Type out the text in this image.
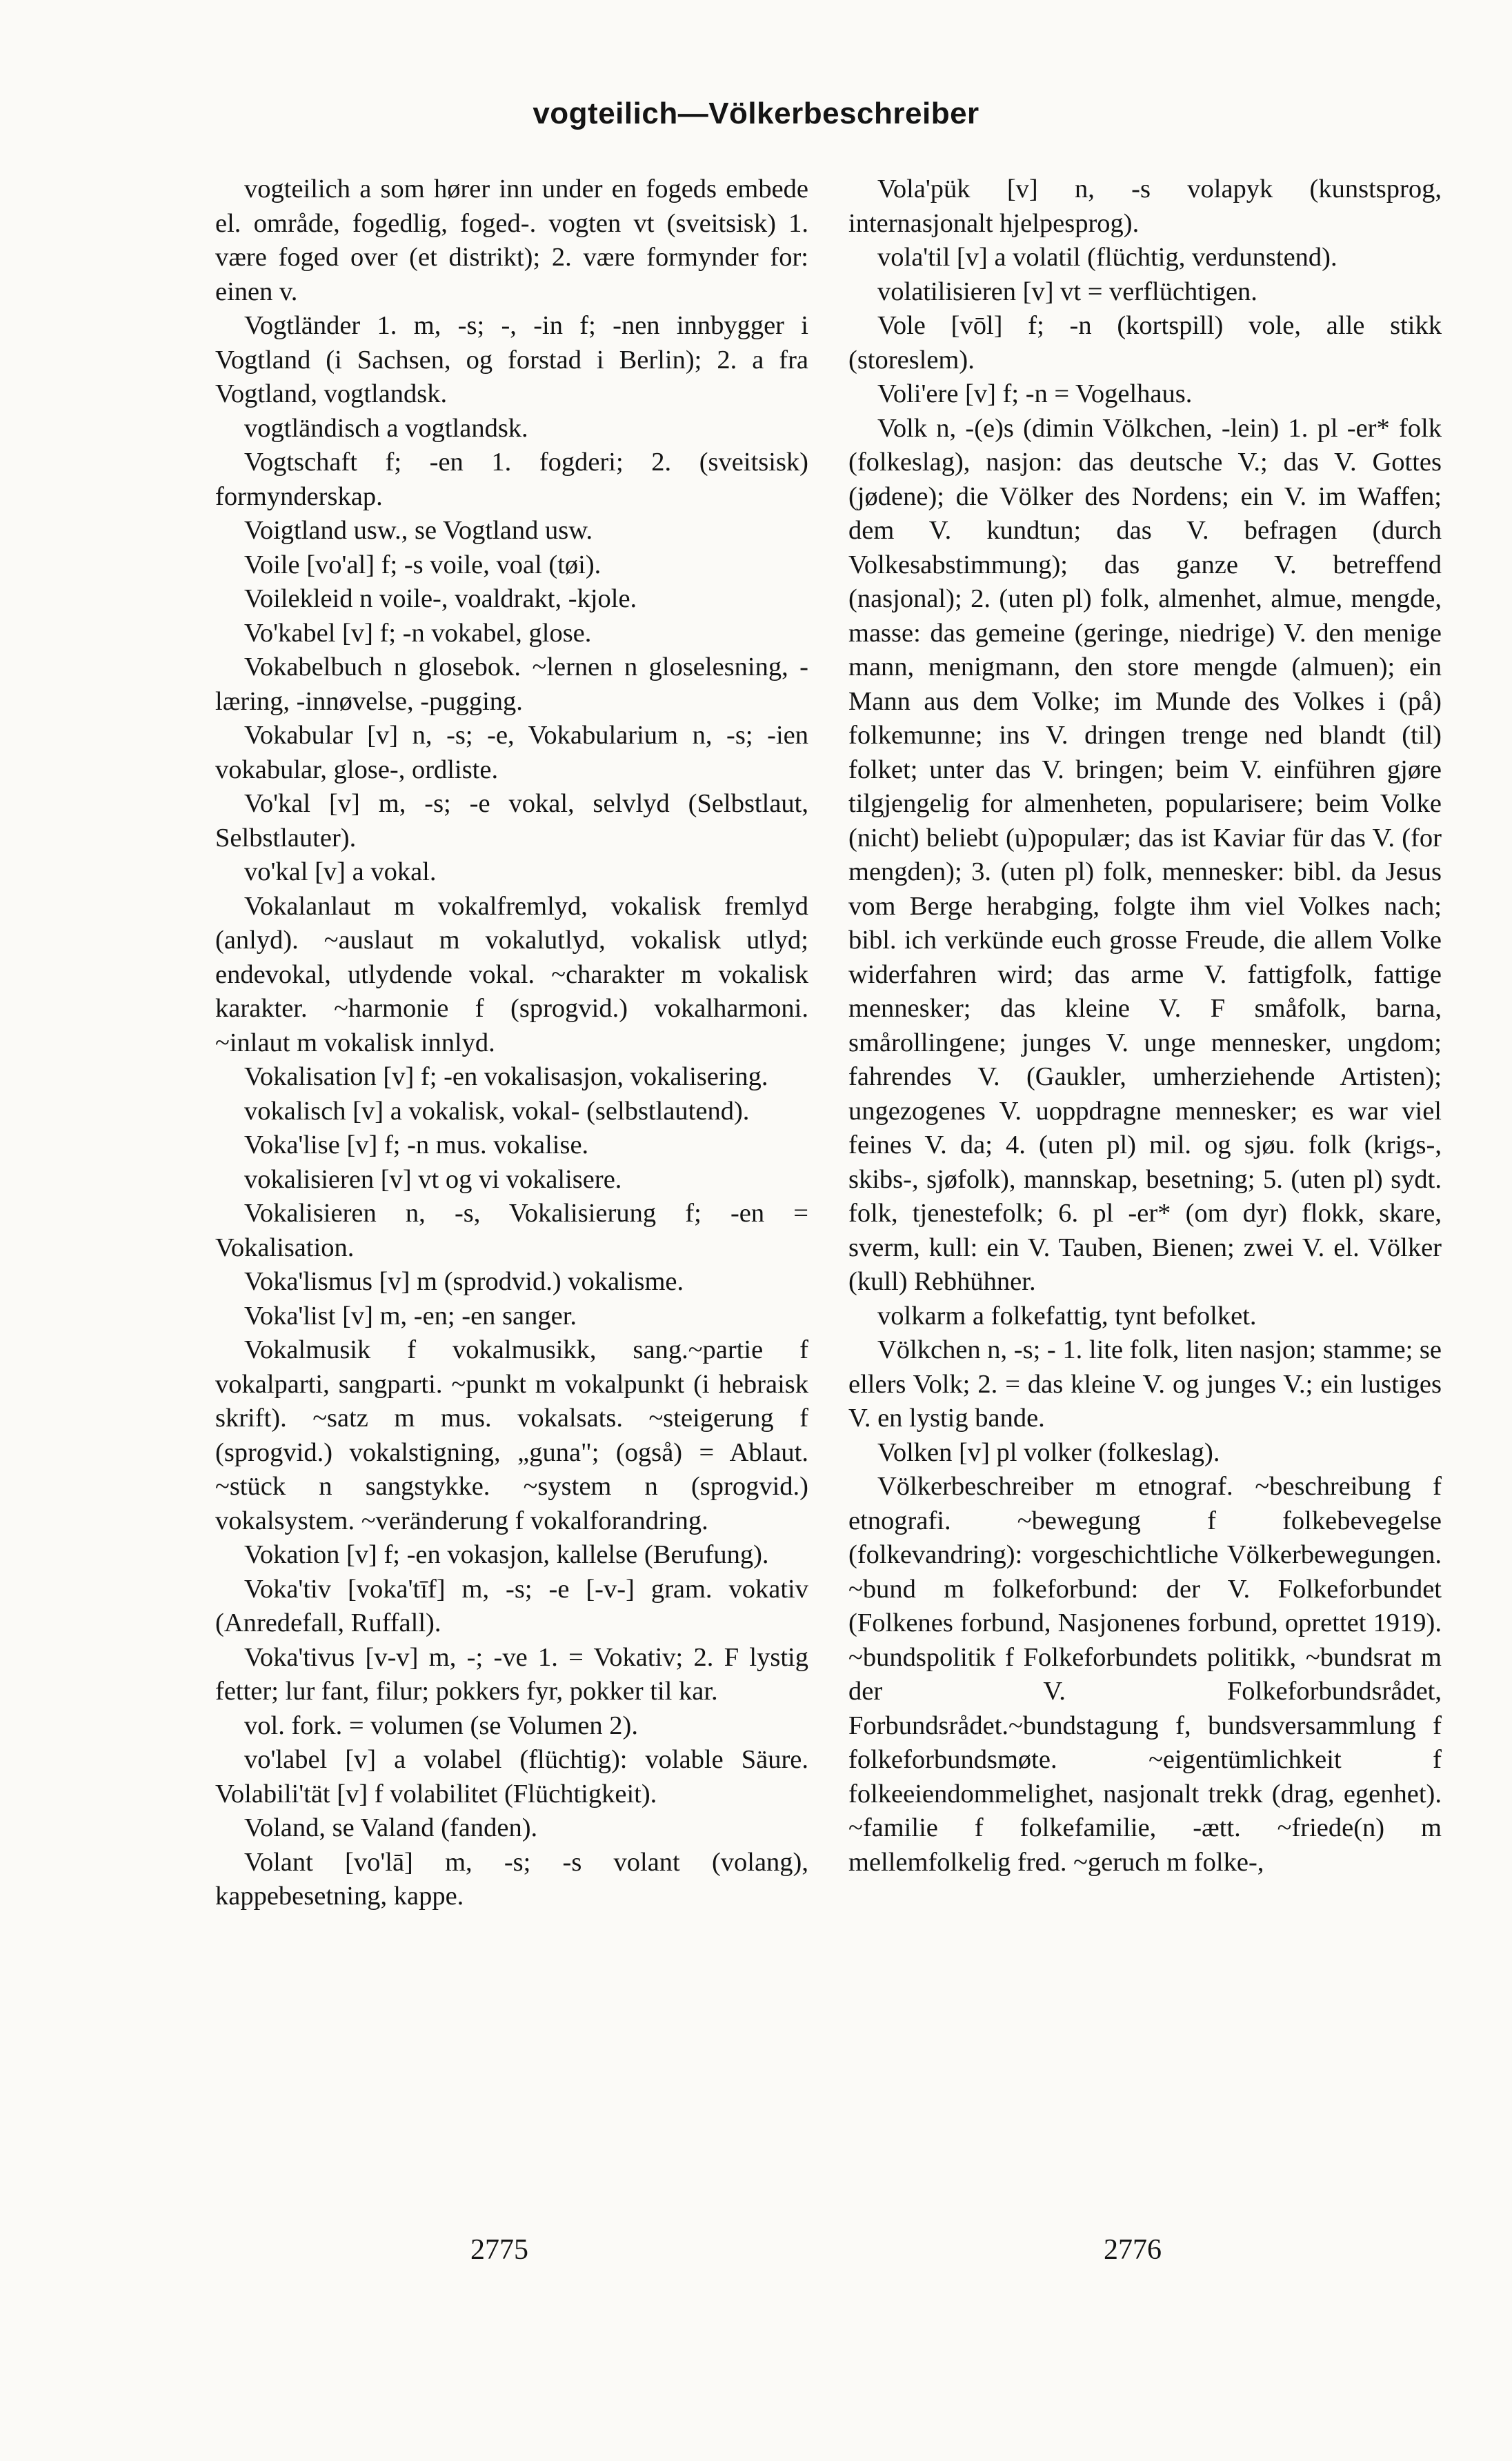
vogteilich—Völkerbeschreiber

vogteilich a som hører inn under en fogeds embede el. område, fogedlig, foged-. vogten vt (sveitsisk) 1. være foged over (et distrikt); 2. være formynder for: einen v.

Vogtländer 1. m, -s; -, -in f; -nen innbygger i Vogtland (i Sachsen, og forstad i Berlin); 2. a fra Vogtland, vogtlandsk.

vogtländisch a vogtlandsk.

Vogtschaft f; -en 1. fogderi; 2. (sveitsisk) formynderskap.

Voigtland usw., se Vogtland usw.

Voile [vo'al] f; -s voile, voal (tøi).

Voilekleid n voile-, voaldrakt, -kjole.

Vo'kabel [v] f; -n vokabel, glose.

Vokabelbuch n glosebok. ~lernen n gloselesning, -læring, -innøvelse, -pugging.

Vokabular [v] n, -s; -e, Vokabularium n, -s; -ien vokabular, glose-, ordliste.

Vo'kal [v] m, -s; -e vokal, selvlyd (Selbstlaut, Selbstlauter).

vo'kal [v] a vokal.

Vokalanlaut m vokalfremlyd, vokalisk fremlyd (anlyd). ~auslaut m vokalutlyd, vokalisk utlyd; endevokal, utlydende vokal. ~charakter m vokalisk karakter. ~harmonie f (sprogvid.) vokalharmoni. ~inlaut m vokalisk innlyd.

Vokalisation [v] f; -en vokalisasjon, vokalisering.

vokalisch [v] a vokalisk, vokal- (selbstlautend).

Voka'lise [v] f; -n mus. vokalise.

vokalisieren [v] vt og vi vokalisere.

Vokalisieren n, -s, Vokalisierung f; -en = Vokalisation.

Voka'lismus [v] m (sprodvid.) vokalisme.

Voka'list [v] m, -en; -en sanger.

Vokalmusik f vokalmusikk, sang.~partie f vokalparti, sangparti. ~punkt m vokalpunkt (i hebraisk skrift). ~satz m mus. vokalsats. ~steigerung f (sprogvid.) vokalstigning, „guna"; (også) = Ablaut. ~stück n sangstykke. ~system n (sprogvid.) vokalsystem. ~veränderung f vokalforandring.

Vokation [v] f; -en vokasjon, kallelse (Berufung).

Voka'tiv [voka'tīf] m, -s; -e [-v-] gram. vokativ (Anredefall, Ruffall).

Voka'tivus [v-v] m, -; -ve 1. = Vokativ; 2. F lystig fetter; lur fant, filur; pokkers fyr, pokker til kar.

vol. fork. = volumen (se Volumen 2).

vo'label [v] a volabel (flüchtig): volable Säure. Volabili'tät [v] f volabilitet (Flüchtigkeit).

Voland, se Valand (fanden).

Volant [vo'lā] m, -s; -s volant (volang), kappebesetning, kappe.

Vola'pük [v] n, -s volapyk (kunstsprog, internasjonalt hjelpesprog).

vola'til [v] a volatil (flüchtig, verdunstend).

volatilisieren [v] vt = verflüchtigen.

Vole [vōl] f; -n (kortspill) vole, alle stikk (storeslem).

Voli'ere [v] f; -n = Vogelhaus.

Volk n, -(e)s (dimin Völkchen, -lein) 1. pl -er* folk (folkeslag), nasjon: das deutsche V.; das V. Gottes (jødene); die Völker des Nordens; ein V. im Waffen; dem V. kundtun; das V. befragen (durch Volkesabstimmung); das ganze V. betreffend (nasjonal); 2. (uten pl) folk, almenhet, almue, mengde, masse: das gemeine (geringe, niedrige) V. den menige mann, menigmann, den store mengde (almuen); ein Mann aus dem Volke; im Munde des Volkes i (på) folkemunne; ins V. dringen trenge ned blandt (til) folket; unter das V. bringen; beim V. einführen gjøre tilgjengelig for almenheten, popularisere; beim Volke (nicht) beliebt (u)populær; das ist Kaviar für das V. (for mengden); 3. (uten pl) folk, mennesker: bibl. da Jesus vom Berge herabging, folgte ihm viel Volkes nach; bibl. ich verkünde euch grosse Freude, die allem Volke widerfahren wird; das arme V. fattigfolk, fattige mennesker; das kleine V. F småfolk, barna, smårollingene; junges V. unge mennesker, ungdom; fahrendes V. (Gaukler, umherziehende Artisten); ungezogenes V. uoppdragne mennesker; es war viel feines V. da; 4. (uten pl) mil. og sjøu. folk (krigs-, skibs-, sjøfolk), mannskap, besetning; 5. (uten pl) sydt. folk, tjenestefolk; 6. pl -er* (om dyr) flokk, skare, sverm, kull: ein V. Tauben, Bienen; zwei V. el. Völker (kull) Rebhühner.

volkarm a folkefattig, tynt befolket.

Völkchen n, -s; - 1. lite folk, liten nasjon; stamme; se ellers Volk; 2. = das kleine V. og junges V.; ein lustiges V. en lystig bande.

Volken [v] pl volker (folkeslag).

Völkerbeschreiber m etnograf. ~beschreibung f etnografi. ~bewegung f folkebevegelse (folkevandring): vorgeschichtliche Völkerbewegungen. ~bund m folkeforbund: der V. Folkeforbundet (Folkenes forbund, Nasjonenes forbund, oprettet 1919). ~bundspolitik f Folkeforbundets politikk, ~bundsrat m der V. Folkeforbundsrådet, Forbundsrådet.~bundstagung f, bundsversammlung f folkeforbundsmøte. ~eigentümlichkeit f folkeeiendommelighet, nasjonalt trekk (drag, egenhet). ~familie f folkefamilie, -ætt. ~friede(n) m mellemfolkelig fred. ~geruch m folke-,

2775	2776
